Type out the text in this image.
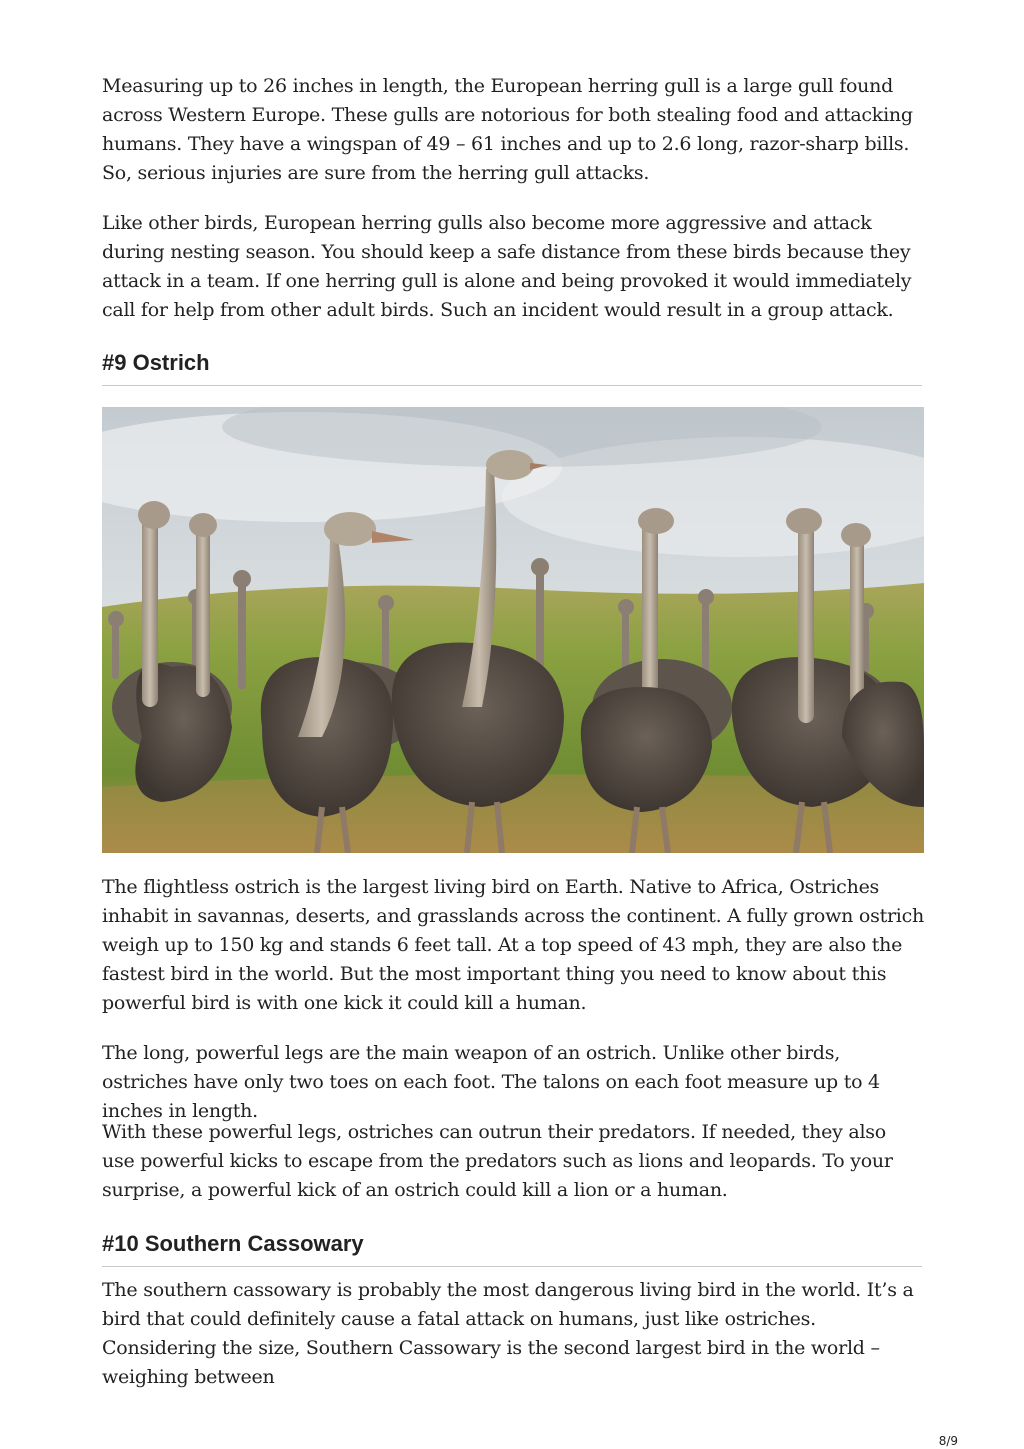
Measuring up to 26 inches in length, the European herring gull is a large gull found across Western Europe. These gulls are notorious for both stealing food and attacking humans. They have a wingspan of 49 – 61 inches and up to 2.6 long, razor-sharp bills. So, serious injuries are sure from the herring gull attacks.

Like other birds, European herring gulls also become more aggressive and attack during nesting season. You should keep a safe distance from these birds because they attack in a team. If one herring gull is alone and being provoked it would immediately call for help from other adult birds. Such an incident would result in a group attack.

#9 Ostrich

The flightless ostrich is the largest living bird on Earth. Native to Africa, Ostriches inhabit in savannas, deserts, and grasslands across the continent. A fully grown ostrich weigh up to 150 kg and stands 6 feet tall. At a top speed of 43 mph, they are also the fastest bird in the world. But the most important thing you need to know about this powerful bird is with one kick it could kill a human.

The long, powerful legs are the main weapon of an ostrich. Unlike other birds, ostriches have only two toes on each foot. The talons on each foot measure up to 4 inches in length.

With these powerful legs, ostriches can outrun their predators. If needed, they also use powerful kicks to escape from the predators such as lions and leopards. To your surprise, a powerful kick of an ostrich could kill a lion or a human.

#10 Southern Cassowary

The southern cassowary is probably the most dangerous living bird in the world. It’s a bird that could definitely cause a fatal attack on humans, just like ostriches. Considering the size, Southern Cassowary is the second largest bird in the world – weighing between

8/9
